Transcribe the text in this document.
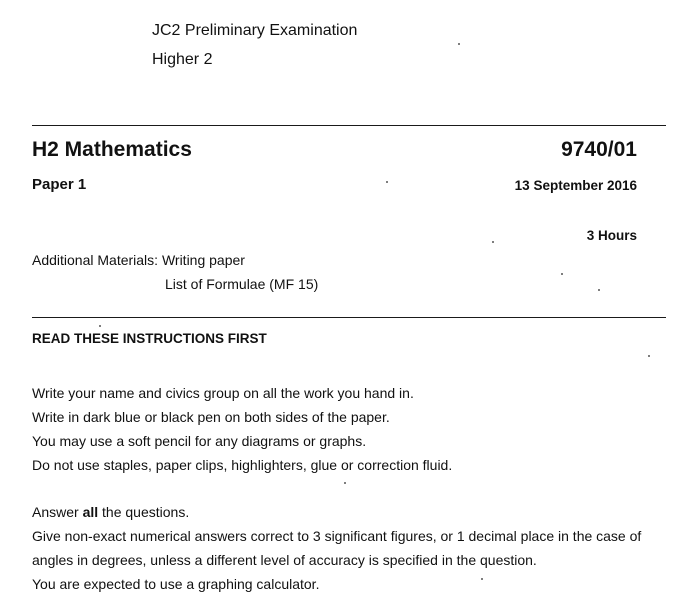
JC2 Preliminary Examination
Higher 2
H2 Mathematics	9740/01
Paper 1	13 September 2016
3 Hours
Additional Materials: Writing paper
List of Formulae (MF 15)
READ THESE INSTRUCTIONS FIRST
Write your name and civics group on all the work you hand in.
Write in dark blue or black pen on both sides of the paper.
You may use a soft pencil for any diagrams or graphs.
Do not use staples, paper clips, highlighters, glue or correction fluid.
Answer all the questions.
Give non-exact numerical answers correct to 3 significant figures, or 1 decimal place in the case of
angles in degrees, unless a different level of accuracy is specified in the question.
You are expected to use a graphing calculator.
